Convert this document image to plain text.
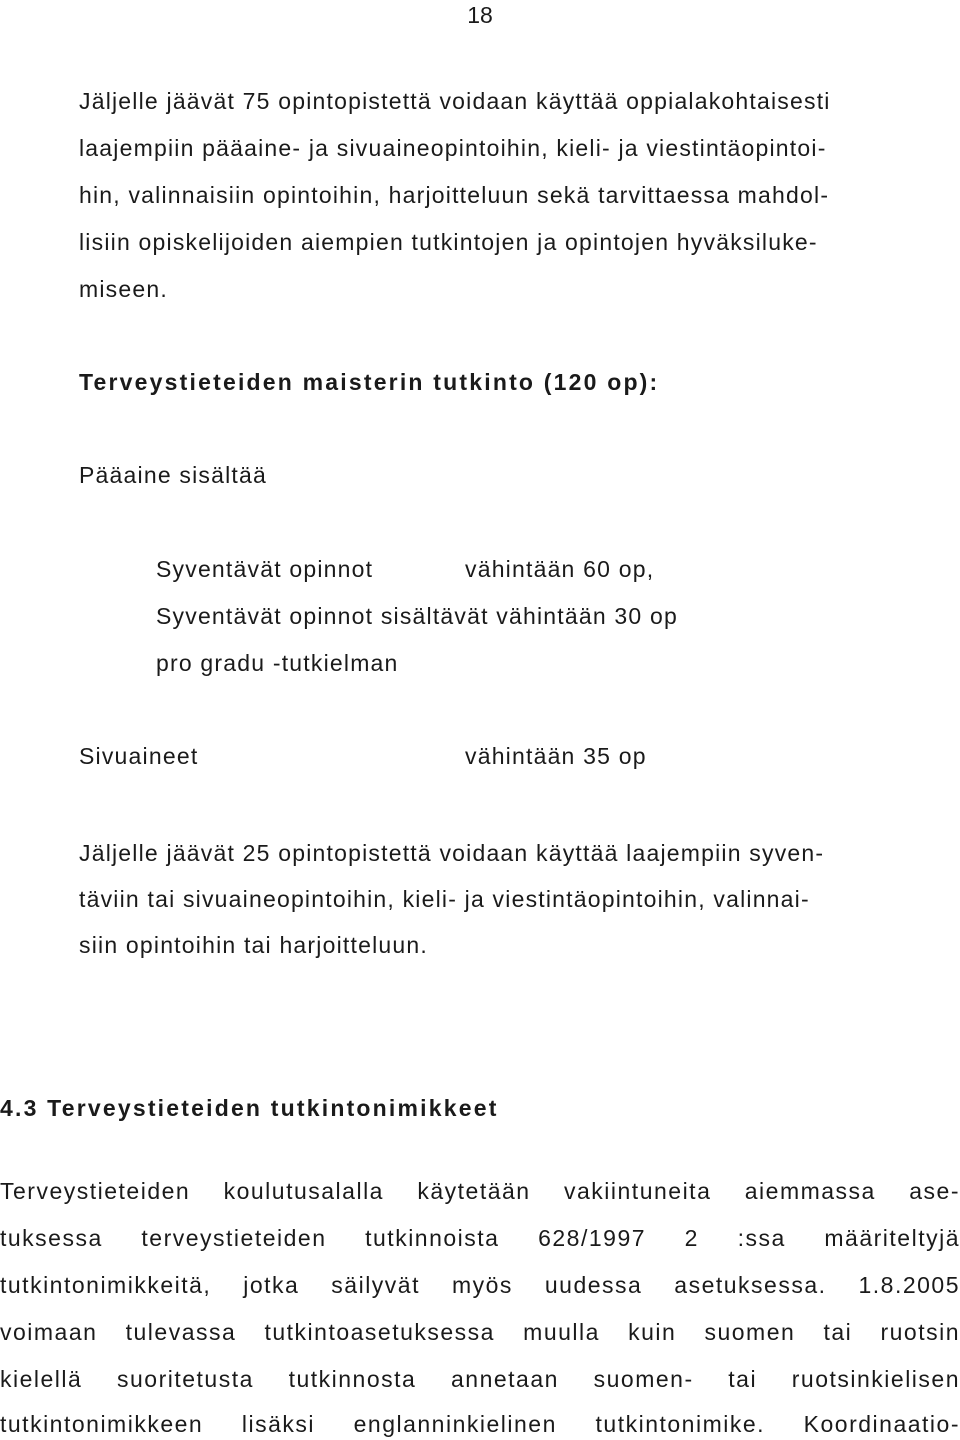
18

Jäljelle jäävät 75 opintopistettä voidaan käyttää oppialakohtaisesti

laajempiin pääaine- ja sivuaineopintoihin, kieli- ja viestintäopintoi-

hin, valinnaisiin opintoihin, harjoitteluun sekä tarvittaessa mahdol-

lisiin opiskelijoiden aiempien tutkintojen ja opintojen hyväksiluke-

miseen.

Terveystieteiden maisterin tutkinto (120 op):

Pääaine sisältää

Syventävät opinnot	vähintään 60 op,
Syventävät opinnot sisältävät vähintään 30 op
pro gradu -tutkielman
Sivuaineet	vähintään 35 op

Jäljelle jäävät 25 opintopistettä voidaan käyttää laajempiin syven-

täviin tai sivuaineopintoihin, kieli- ja viestintäopintoihin, valinnai-

siin opintoihin tai harjoitteluun.

4.3 Terveystieteiden tutkintonimikkeet

Terveystieteiden koulutusalalla käytetään vakiintuneita aiemmassa ase-

tuksessa terveystieteiden tutkinnoista 628/1997 2 :ssa määriteltyjä

tutkintonimikkeitä, jotka säilyvät myös uudessa asetuksessa. 1.8.2005

voimaan tulevassa tutkintoasetuksessa muulla kuin suomen tai ruotsin

kielellä suoritetusta tutkinnosta annetaan suomen- tai ruotsinkielisen

tutkintonimikkeen lisäksi englanninkielinen tutkintonimike. Koordinaatio-
